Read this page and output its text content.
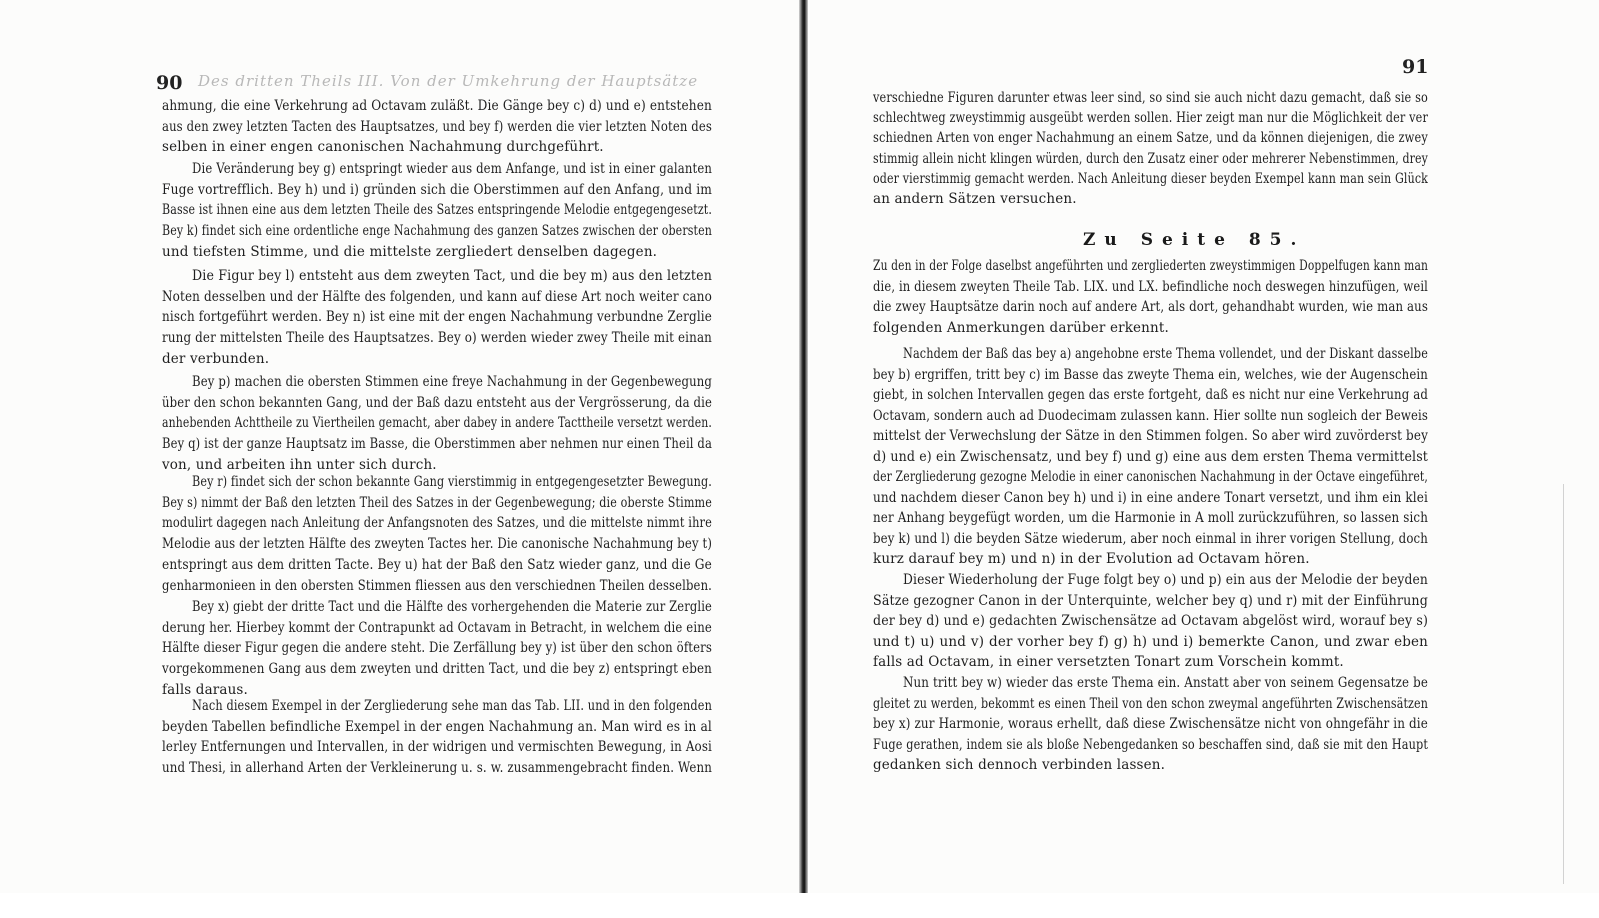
90 Des dritten Theils III. Von der Umkehrung der Hauptsätze
ahmung, die eine Verkehrung ad Octavam zuläßt. Die Gänge bey c) d) und e) entstehen
aus den zwey letzten Tacten des Hauptsatzes, und bey f) werden die vier letzten Noten des
selben in einer engen canonischen Nachahmung durchgeführt.
Die Veränderung bey g) entspringt wieder aus dem Anfange, und ist in einer galanten
Fuge vortrefflich. Bey h) und i) gründen sich die Oberstimmen auf den Anfang, und im
Basse ist ihnen eine aus dem letzten Theile des Satzes entspringende Melodie entgegengesetzt.
Bey k) findet sich eine ordentliche enge Nachahmung des ganzen Satzes zwischen der obersten
und tiefsten Stimme, und die mittelste zergliedert denselben dagegen.
Die Figur bey l) entsteht aus dem zweyten Tact, und die bey m) aus den letzten
Noten desselben und der Hälfte des folgenden, und kann auf diese Art noch weiter cano
nisch fortgeführt werden. Bey n) ist eine mit der engen Nachahmung verbundne Zerglie
rung der mittelsten Theile des Hauptsatzes. Bey o) werden wieder zwey Theile mit einan
der verbunden.
Bey p) machen die obersten Stimmen eine freye Nachahmung in der Gegenbewegung
über den schon bekannten Gang, und der Baß dazu entsteht aus der Vergrösserung, da die
anhebenden Achttheile zu Viertheilen gemacht, aber dabey in andere Tacttheile versetzt werden.
Bey q) ist der ganze Hauptsatz im Basse, die Oberstimmen aber nehmen nur einen Theil da
von, und arbeiten ihn unter sich durch.
Bey r) findet sich der schon bekannte Gang vierstimmig in entgegengesetzter Bewegung.
Bey s) nimmt der Baß den letzten Theil des Satzes in der Gegenbewegung; die oberste Stimme
modulirt dagegen nach Anleitung der Anfangsnoten des Satzes, und die mittelste nimmt ihre
Melodie aus der letzten Hälfte des zweyten Tactes her. Die canonische Nachahmung bey t)
entspringt aus dem dritten Tacte. Bey u) hat der Baß den Satz wieder ganz, und die Ge
genharmonieen in den obersten Stimmen fliessen aus den verschiednen Theilen desselben.
Bey x) giebt der dritte Tact und die Hälfte des vorhergehenden die Materie zur Zerglie
derung her. Hierbey kommt der Contrapunkt ad Octavam in Betracht, in welchem die eine
Hälfte dieser Figur gegen die andere steht. Die Zerfällung bey y) ist über den schon öfters
vorgekommenen Gang aus dem zweyten und dritten Tact, und die bey z) entspringt eben
falls daraus.
Nach diesem Exempel in der Zergliederung sehe man das Tab. LII. und in den folgenden
beyden Tabellen befindliche Exempel in der engen Nachahmung an. Man wird es in al
lerley Entfernungen und Intervallen, in der widrigen und vermischten Bewegung, in Aosi
und Thesi, in allerhand Arten der Verkleinerung u. s. w. zusammengebracht finden. Wenn
91
verschiedne Figuren darunter etwas leer sind, so sind sie auch nicht dazu gemacht, daß sie so
schlechtweg zweystimmig ausgeübt werden sollen. Hier zeigt man nur die Möglichkeit der ver
schiednen Arten von enger Nachahmung an einem Satze, und da können diejenigen, die zwey
stimmig allein nicht klingen würden, durch den Zusatz einer oder mehrerer Nebenstimmen, drey
oder vierstimmig gemacht werden. Nach Anleitung dieser beyden Exempel kann man sein Glück
an andern Sätzen versuchen.
Zu den in der Folge daselbst angeführten und zergliederten zweystimmigen Doppelfugen kann man
die, in diesem zweyten Theile Tab. LIX. und LX. befindliche noch deswegen hinzufügen, weil
die zwey Hauptsätze darin noch auf andere Art, als dort, gehandhabt wurden, wie man aus
folgenden Anmerkungen darüber erkennt.
Nachdem der Baß das bey a) angehobne erste Thema vollendet, und der Diskant dasselbe
bey b) ergriffen, tritt bey c) im Basse das zweyte Thema ein, welches, wie der Augenschein
giebt, in solchen Intervallen gegen das erste fortgeht, daß es nicht nur eine Verkehrung ad
Octavam, sondern auch ad Duodecimam zulassen kann. Hier sollte nun sogleich der Beweis
mittelst der Verwechslung der Sätze in den Stimmen folgen. So aber wird zuvörderst bey
d) und e) ein Zwischensatz, und bey f) und g) eine aus dem ersten Thema vermittelst
der Zergliederung gezogne Melodie in einer canonischen Nachahmung in der Octave eingeführet,
und nachdem dieser Canon bey h) und i) in eine andere Tonart versetzt, und ihm ein klei
ner Anhang beygefügt worden, um die Harmonie in A moll zurückzuführen, so lassen sich
bey k) und l) die beyden Sätze wiederum, aber noch einmal in ihrer vorigen Stellung, doch
kurz darauf bey m) und n) in der Evolution ad Octavam hören.
Dieser Wiederholung der Fuge folgt bey o) und p) ein aus der Melodie der beyden
Sätze gezogner Canon in der Unterquinte, welcher bey q) und r) mit der Einführung
der bey d) und e) gedachten Zwischensätze ad Octavam abgelöst wird, worauf bey s)
und t) u) und v) der vorher bey f) g) h) und i) bemerkte Canon, und zwar eben
falls ad Octavam, in einer versetzten Tonart zum Vorschein kommt.
Nun tritt bey w) wieder das erste Thema ein. Anstatt aber von seinem Gegensatze be
gleitet zu werden, bekommt es einen Theil von den schon zweymal angeführten Zwischensätzen
bey x) zur Harmonie, woraus erhellt, daß diese Zwischensätze nicht von ohngefähr in die
Fuge gerathen, indem sie als bloße Nebengedanken so beschaffen sind, daß sie mit den Haupt
gedanken sich dennoch verbinden lassen.
Zu Seite 85.
